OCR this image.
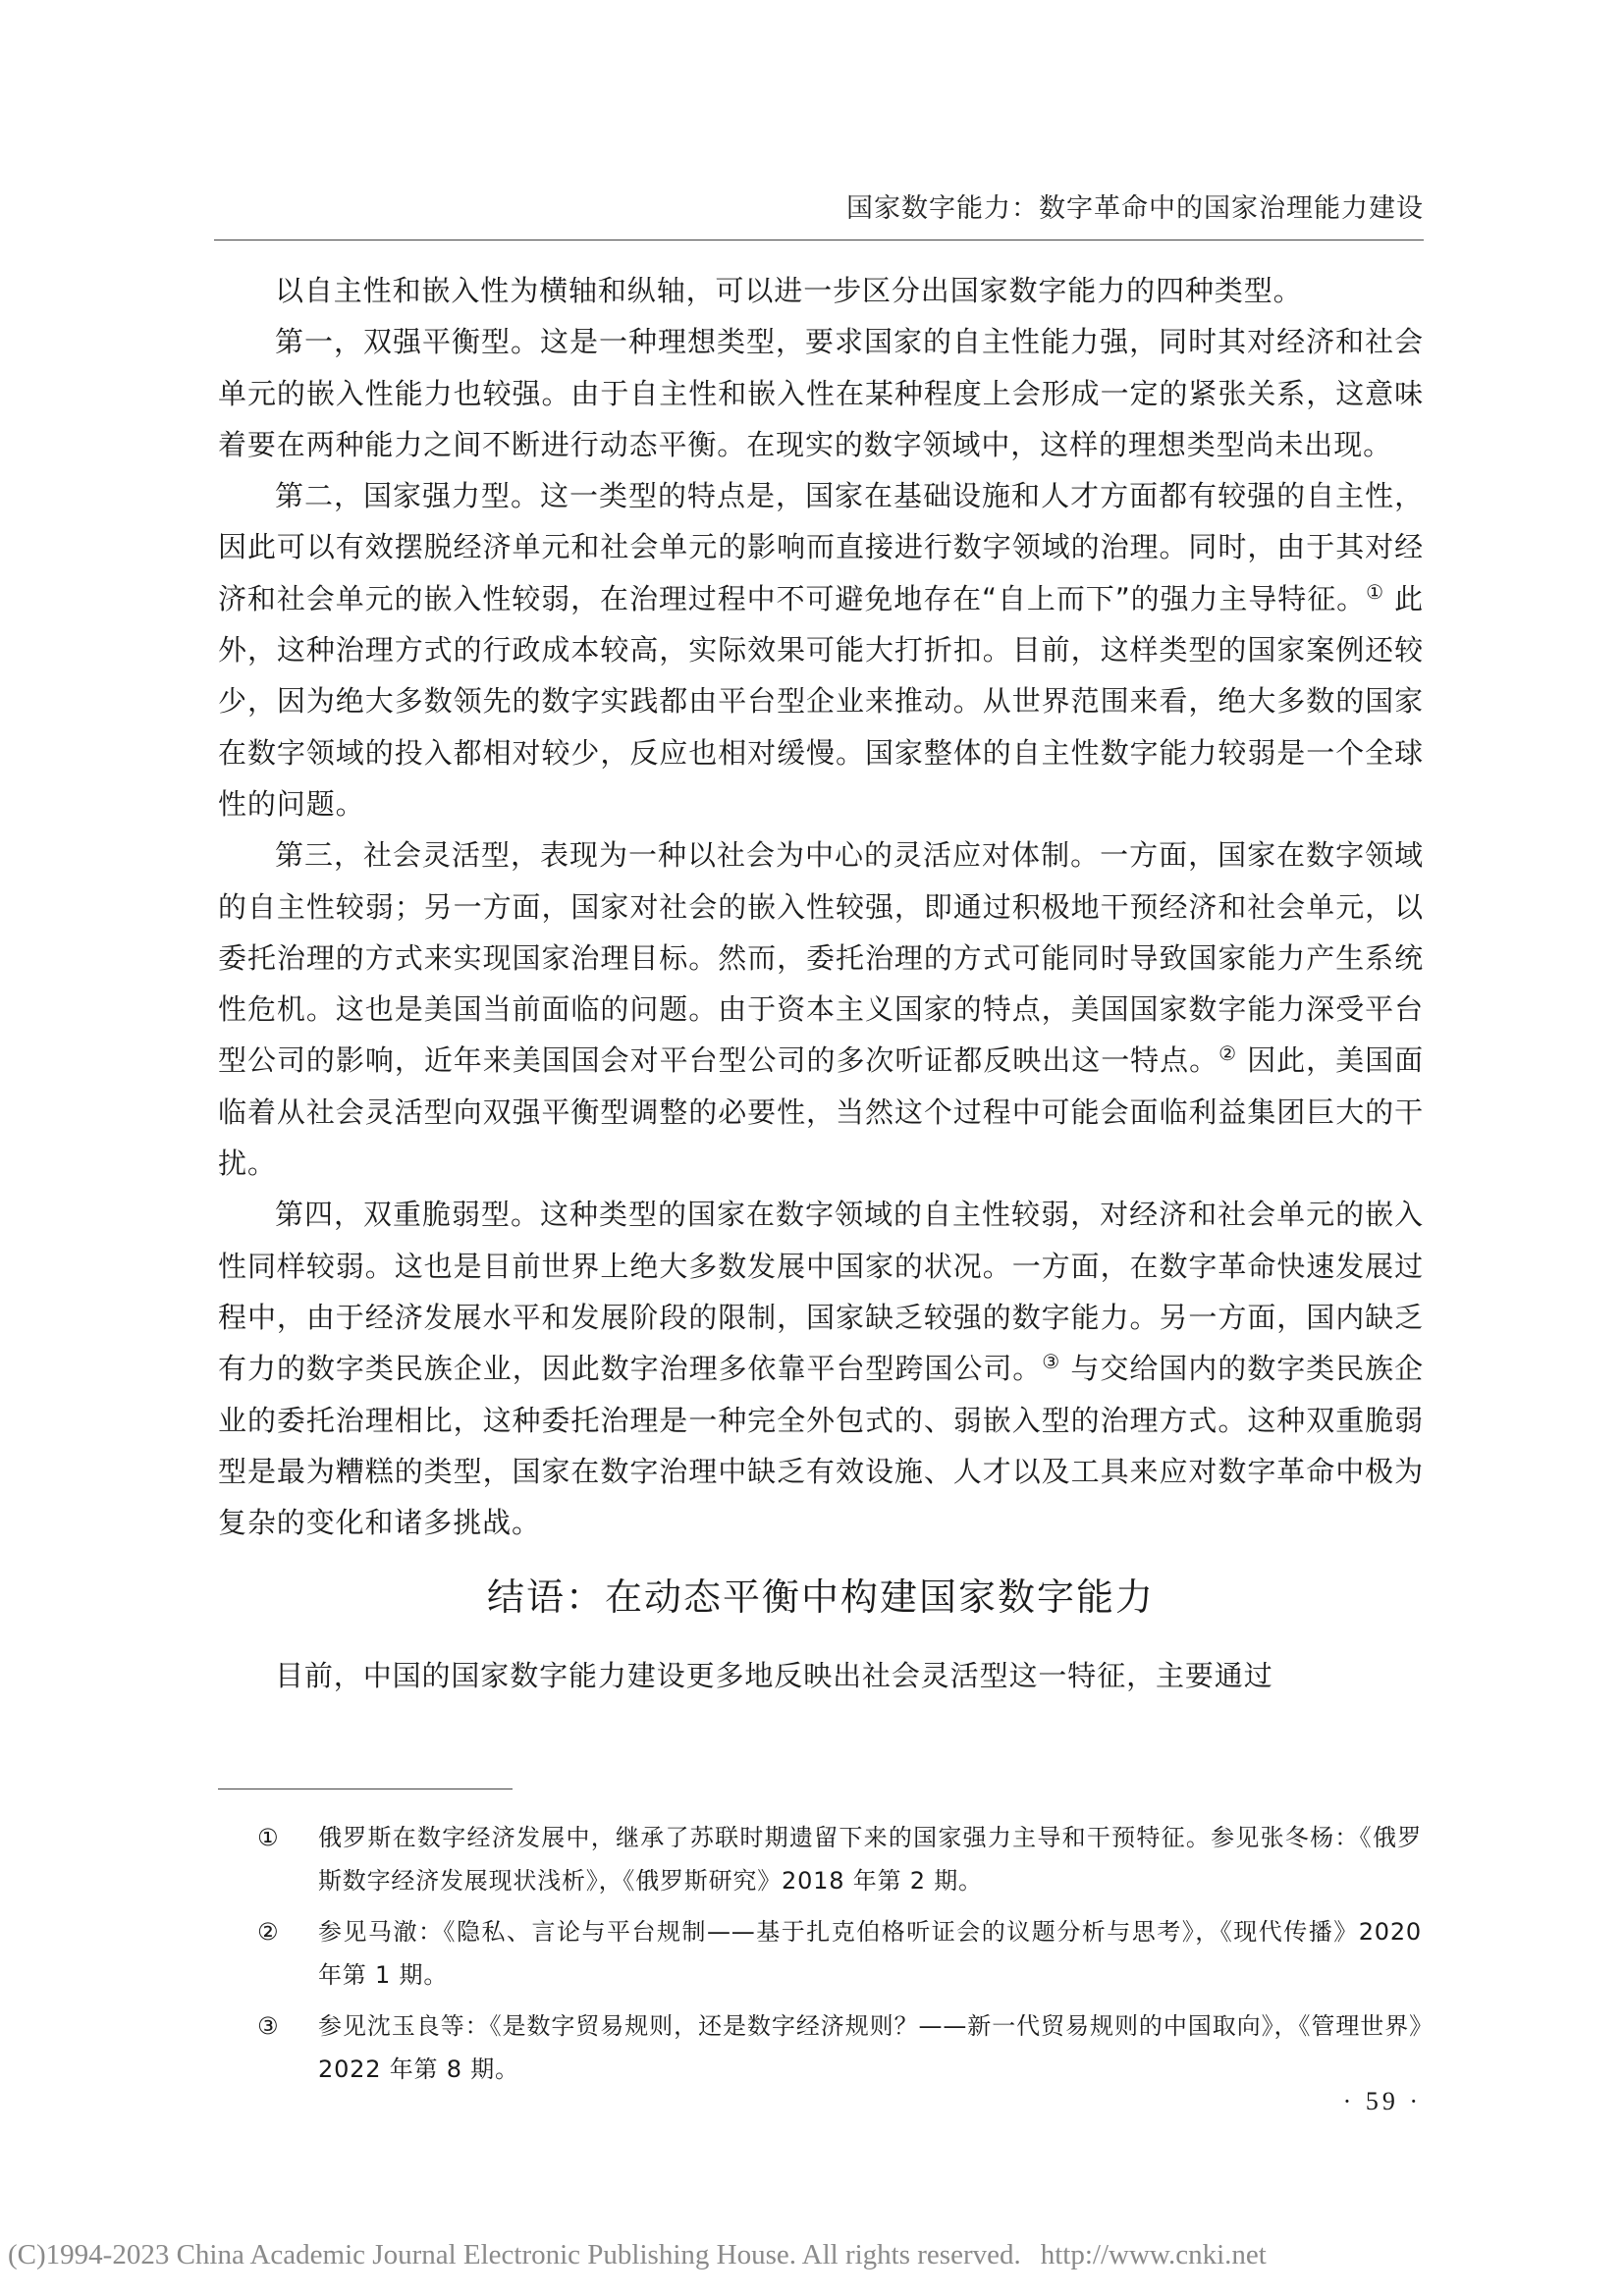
国家数字能力：数字革命中的国家治理能力建设

以自主性和嵌入性为横轴和纵轴，可以进一步区分出国家数字能力的四种类型。

第一，双强平衡型。这是一种理想类型，要求国家的自主性能力强，同时其对经济和社会单元的嵌入性能力也较强。由于自主性和嵌入性在某种程度上会形成一定的紧张关系，这意味着要在两种能力之间不断进行动态平衡。在现实的数字领域中，这样的理想类型尚未出现。

第二，国家强力型。这一类型的特点是，国家在基础设施和人才方面都有较强的自主性，因此可以有效摆脱经济单元和社会单元的影响而直接进行数字领域的治理。同时，由于其对经济和社会单元的嵌入性较弱，在治理过程中不可避免地存在“自上而下”的强力主导特征。① 此外，这种治理方式的行政成本较高，实际效果可能大打折扣。目前，这样类型的国家案例还较少，因为绝大多数领先的数字实践都由平台型企业来推动。从世界范围来看，绝大多数的国家在数字领域的投入都相对较少，反应也相对缓慢。国家整体的自主性数字能力较弱是一个全球性的问题。

第三，社会灵活型，表现为一种以社会为中心的灵活应对体制。一方面，国家在数字领域的自主性较弱；另一方面，国家对社会的嵌入性较强，即通过积极地干预经济和社会单元，以委托治理的方式来实现国家治理目标。然而，委托治理的方式可能同时导致国家能力产生系统性危机。这也是美国当前面临的问题。由于资本主义国家的特点，美国国家数字能力深受平台型公司的影响，近年来美国国会对平台型公司的多次听证都反映出这一特点。② 因此，美国面临着从社会灵活型向双强平衡型调整的必要性，当然这个过程中可能会面临利益集团巨大的干扰。

第四，双重脆弱型。这种类型的国家在数字领域的自主性较弱，对经济和社会单元的嵌入性同样较弱。这也是目前世界上绝大多数发展中国家的状况。一方面，在数字革命快速发展过程中，由于经济发展水平和发展阶段的限制，国家缺乏较强的数字能力。另一方面，国内缺乏有力的数字类民族企业，因此数字治理多依靠平台型跨国公司。③ 与交给国内的数字类民族企业的委托治理相比，这种委托治理是一种完全外包式的、弱嵌入型的治理方式。这种双重脆弱型是最为糟糕的类型，国家在数字治理中缺乏有效设施、人才以及工具来应对数字革命中极为复杂的变化和诸多挑战。

结语：在动态平衡中构建国家数字能力

目前，中国的国家数字能力建设更多地反映出社会灵活型这一特征，主要通过

①	俄罗斯在数字经济发展中，继承了苏联时期遗留下来的国家强力主导和干预特征。参见张冬杨：《俄罗斯数字经济发展现状浅析》，《俄罗斯研究》2018 年第 2 期。
②	参见马澈：《隐私、言论与平台规制——基于扎克伯格听证会的议题分析与思考》，《现代传播》2020 年第 1 期。
③	参见沈玉良等：《是数字贸易规则，还是数字经济规则？——新一代贸易规则的中国取向》，《管理世界》2022 年第 8 期。
· 59 ·
(C)1994-2023 China Academic Journal Electronic Publishing House. All rights reserved. http://www.cnki.net
